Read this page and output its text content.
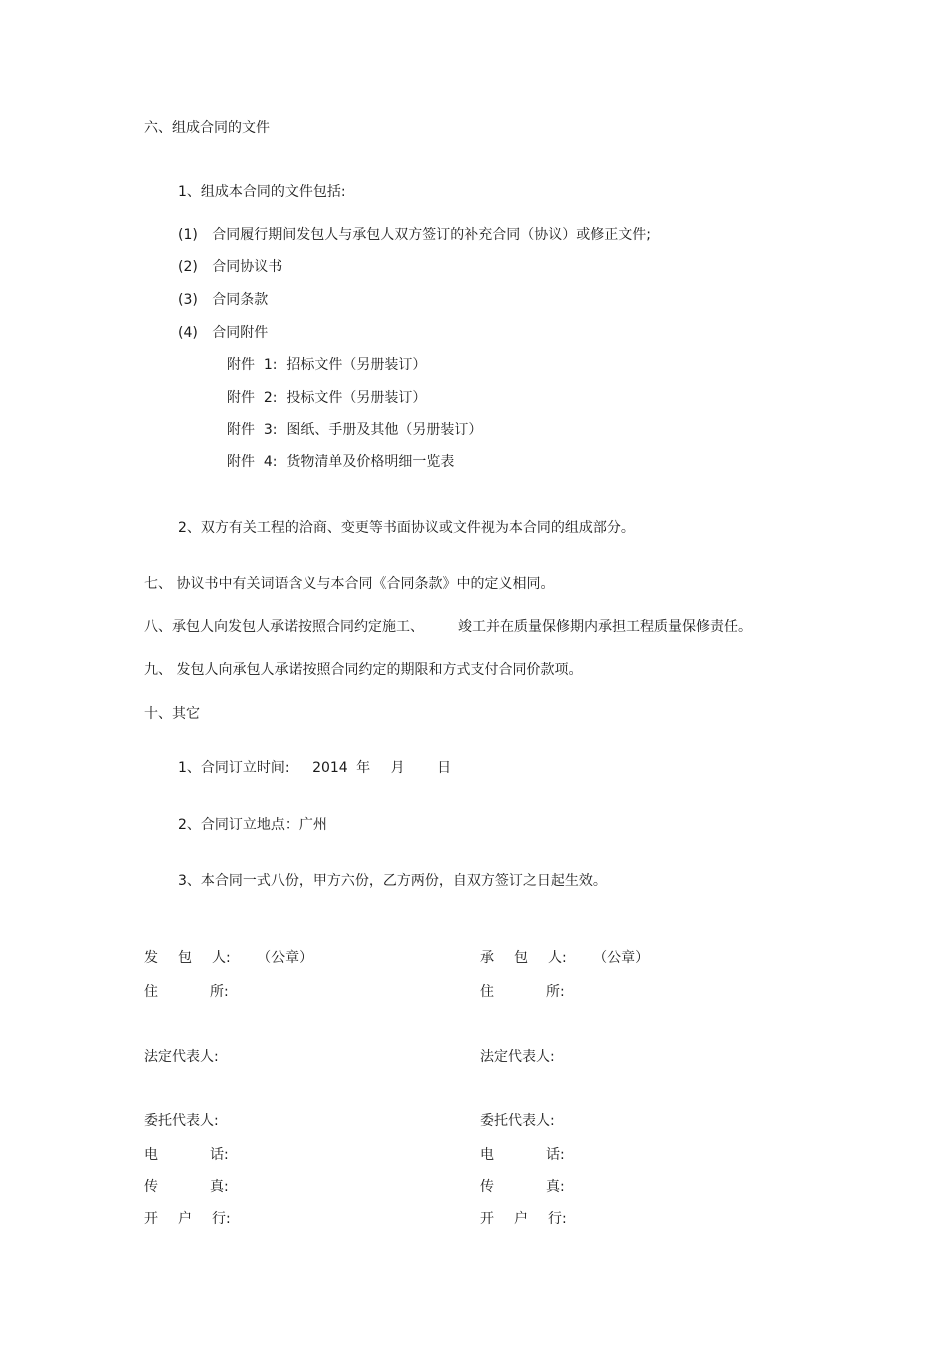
六、组成合同的文件
1、组成本合同的文件包括:
(1) 合同履行期间发包人与承包人双方签订的补充合同（协议）或修正文件;
(2) 合同协议书
(3) 合同条款
(4) 合同附件
附件  1:  招标文件（另册装订）
附件  2:  投标文件（另册装订）
附件  3:  图纸、手册及其他（另册装订）
附件  4:  货物清单及价格明细一览表
2、双方有关工程的洽商、变更等书面协议或文件视为本合同的组成部分。
七、 协议书中有关词语含义与本合同《合同条款》中的定义相同。
八、承包人向发包人承诺按照合同约定施工、 竣工并在质量保修期内承担工程质量保修责任。
九、 发包人向承包人承诺按照合同约定的期限和方式支付合同价款项。
十、其它
1、合同订立时间: 2014 年 月 日
2、合同订立地点：广州
3、本合同一式八份，甲方六份，乙方两份，自双方签订之日起生效。
发 包 人: （公章）
住	所:
法定代表人:
委托代表人:
电	话:
传	真:
开 户 行:
承 包 人: （公章）
住	所:
法定代表人:
委托代表人:
电	话:
传	真:
开 户 行:
